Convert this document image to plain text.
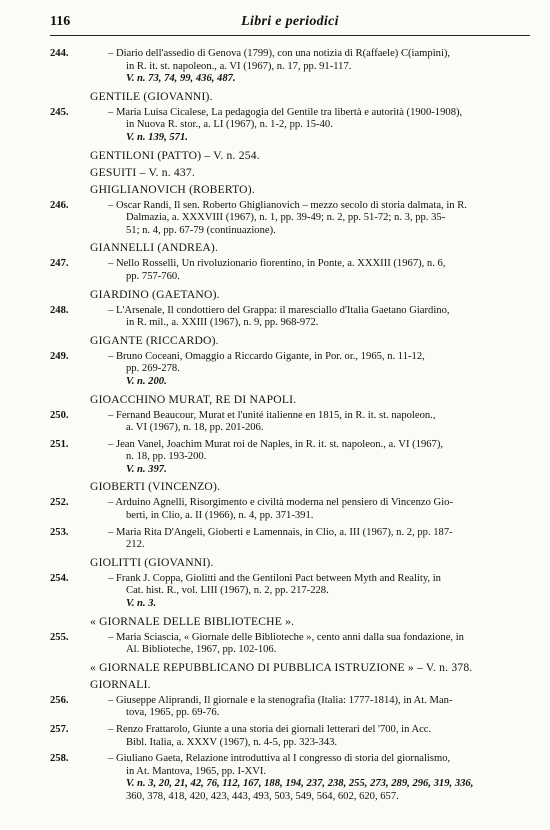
116	Libri e periodici
244.	– Diario dell'assedio di Genova (1799), con una notizia di R(affaele) C(iampini),
in R. it. st. napoleon., a. VI (1967), n. 17, pp. 91-117.
V. n. 73, 74, 99, 436, 487.
GENTILE (GIOVANNI).
245.	– Maria Luisa Cicalese, La pedagogia del Gentile tra libertà e autorità (1900-1908),
in Nuova R. stor., a. LI (1967), n. 1-2, pp. 15-40.
V. n. 139, 571.
GENTILONI (PATTO) – V. n. 254.
GESUITI – V. n. 437.
GHIGLIANOVICH (ROBERTO).
246.	– Oscar Randi, Il sen. Roberto Ghiglianovich – mezzo secolo di storia dalmata, in R.
Dalmazia, a. XXXVIII (1967), n. 1, pp. 39-49; n. 2, pp. 51-72; n. 3, pp. 35-
51; n. 4, pp. 67-79 (continuazione).
GIANNELLI (ANDREA).
247.	– Nello Rosselli, Un rivoluzionario fiorentino, in Ponte, a. XXXIII (1967), n. 6,
pp. 757-760.
GIARDINO (GAETANO).
248.	– L'Arsenale, Il condottiero del Grappa: il maresciallo d'Italia Gaetano Giardino,
in R. mil., a. XXIII (1967), n. 9, pp. 968-972.
GIGANTE (RICCARDO).
249.	– Bruno Coceani, Omaggio a Riccardo Gigante, in Por. or., 1965, n. 11-12,
pp. 269-278.
V. n. 200.
GIOACCHINO MURAT, RE DI NAPOLI.
250.	– Fernand Beaucour, Murat et l'unité italienne en 1815, in R. it. st. napoleon.,
a. VI (1967), n. 18, pp. 201-206.
251.	– Jean Vanel, Joachim Murat roi de Naples, in R. it. st. napoleon., a. VI (1967),
n. 18, pp. 193-200.
V. n. 397.
GIOBERTI (VINCENZO).
252.	– Arduino Agnelli, Risorgimento e civiltà moderna nel pensiero di Vincenzo Gio-
berti, in Clio, a. II (1966), n. 4, pp. 371-391.
253.	– Maria Rita D'Angeli, Gioberti e Lamennais, in Clio, a. III (1967), n. 2, pp. 187-
212.
GIOLITTI (GIOVANNI).
254.	– Frank J. Coppa, Giolitti and the Gentiloni Pact between Myth and Reality, in
Cat. hist. R., vol. LIII (1967), n. 2, pp. 217-228.
V. n. 3.
« GIORNALE DELLE BIBLIOTECHE ».
255.	– Maria Sciascia, « Giornale delle Biblioteche », cento anni dalla sua fondazione, in
Al. Biblioteche, 1967, pp. 102-106.
« GIORNALE REPUBBLICANO DI PUBBLICA ISTRUZIONE » – V. n. 378.
GIORNALI.
256.	– Giuseppe Aliprandi, Il giornale e la stenografia (Italia: 1777-1814), in At. Man-
tova, 1965, pp. 69-76.
257.	– Renzo Frattarolo, Giunte a una storia dei giornali letterari del '700, in Acc.
Bibl. Italia, a. XXXV (1967), n. 4-5, pp. 323-343.
258.	– Giuliano Gaeta, Relazione introduttiva al I congresso di storia del giornalismo,
in At. Mantova, 1965, pp. I-XVI.
V. n. 3, 20, 21, 42, 76, 112, 167, 188, 194, 237, 238, 255, 273, 289, 296, 319, 336,
360, 378, 418, 420, 423, 443, 493, 503, 549, 564, 602, 620, 657.
